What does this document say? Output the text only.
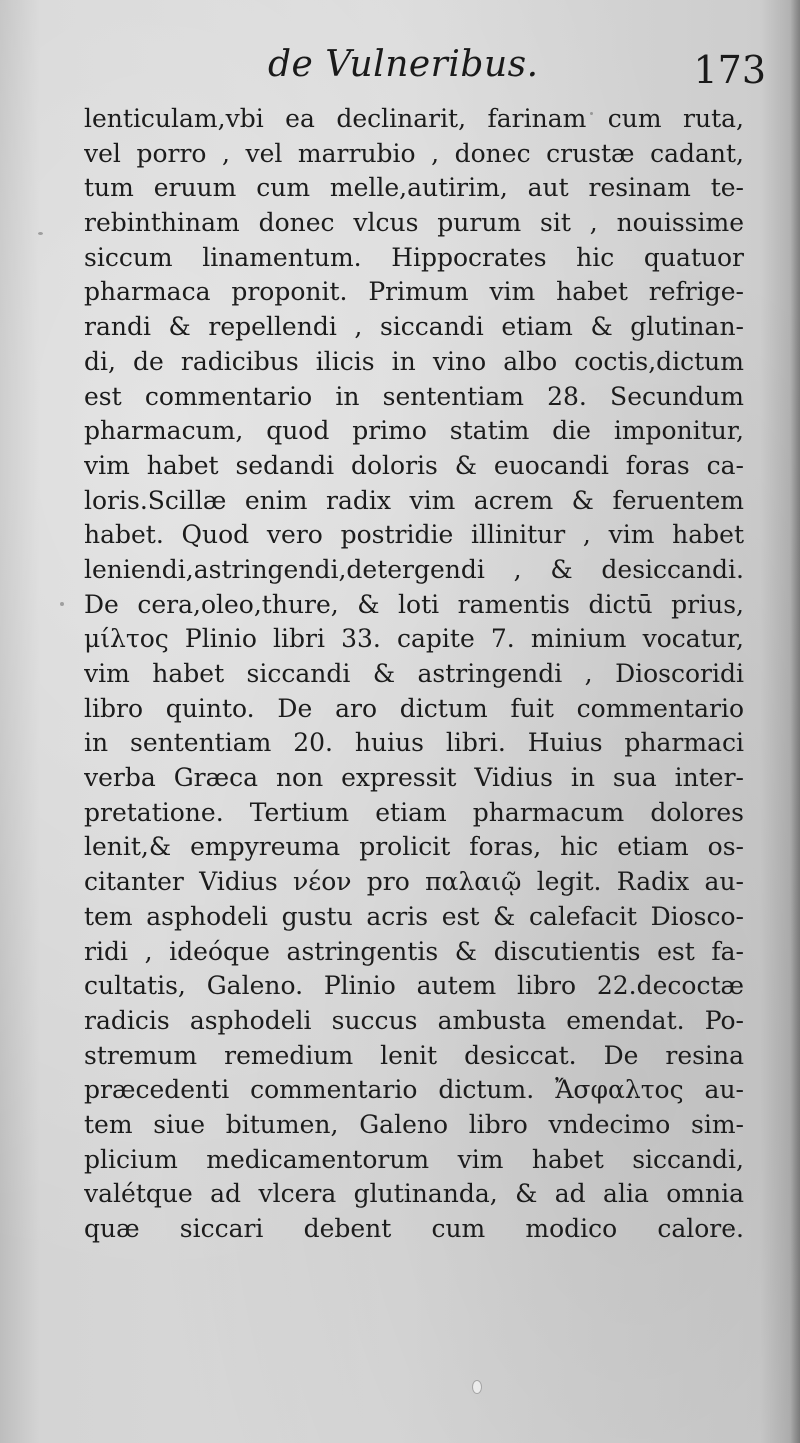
de Vulneribus.	173
lenticulam,vbi ea declinarit, farinam cum ruta,
vel porro , vel marrubio , donec crustæ cadant,
tum eruum cum melle,autirim, aut resinam te-
rebinthinam donec vlcus purum sit , nouissime
siccum linamentum. Hippocrates hic quatuor
pharmaca proponit. Primum vim habet refrige-
randi & repellendi , siccandi etiam & glutinan-
di, de radicibus ilicis in vino albo coctis,dictum
est commentario in sententiam 28. Secundum
pharmacum, quod primo statim die imponitur,
vim habet sedandi doloris & euocandi foras ca-
loris.Scillæ enim radix vim acrem & feruentem
habet. Quod vero postridie illinitur , vim habet
leniendi,astringendi,detergendi , & desiccandi.
De cera,oleo,thure, & loti ramentis dictū prius,
μίλτος Plinio libri 33. capite 7. minium vocatur,
vim habet siccandi & astringendi , Dioscoridi
libro quinto. De aro dictum fuit commentario
in sententiam 20. huius libri. Huius pharmaci
verba Græca non expressit Vidius in sua inter-
pretatione. Tertium etiam pharmacum dolores
lenit,& empyreuma prolicit foras, hic etiam os-
citanter Vidius νέον pro παλαιῷ legit. Radix au-
tem asphodeli gustu acris est & calefacit Diosco-
ridi , ideóque astringentis & discutientis est fa-
cultatis, Galeno. Plinio autem libro 22.decoctæ
radicis asphodeli succus ambusta emendat. Po-
stremum remedium lenit desiccat. De resina
præcedenti commentario dictum. Ἄσφαλτος au-
tem siue bitumen, Galeno libro vndecimo sim-
plicium medicamentorum vim habet siccandi,
valétque ad vlcera glutinanda, & ad alia omnia
quæ siccari debent cum modico calore.
